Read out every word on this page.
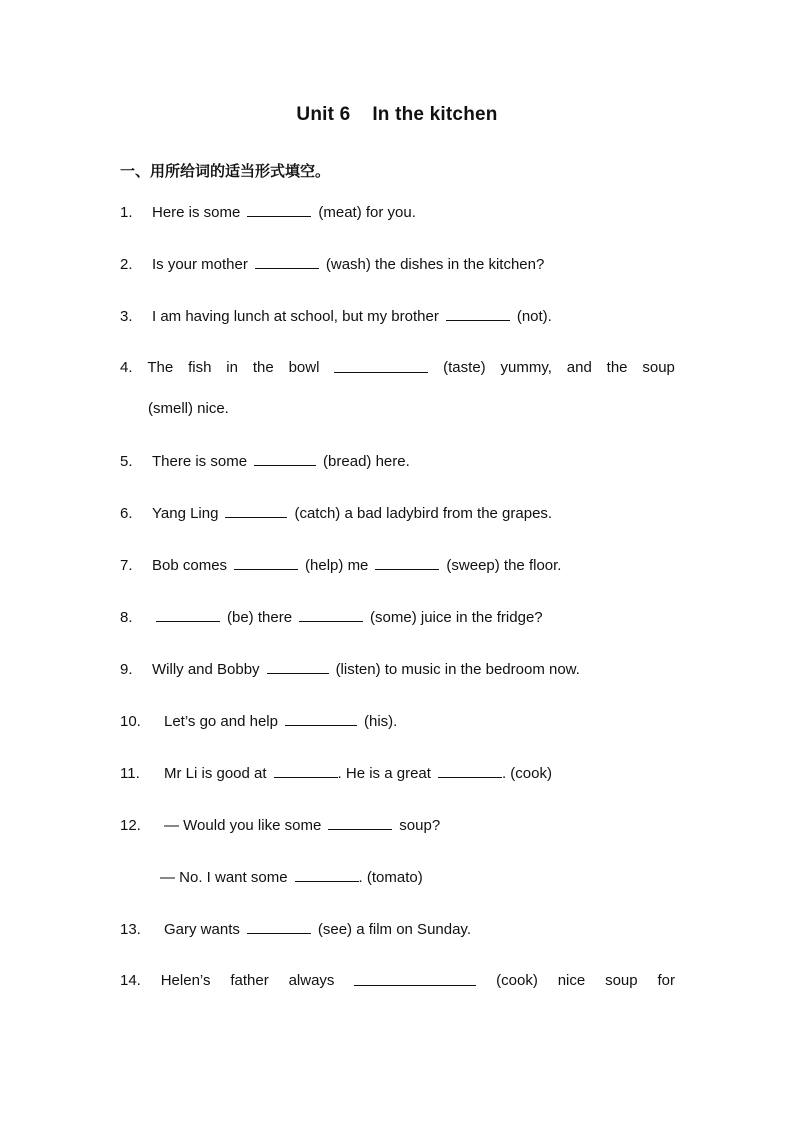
Unit 6    In the kitchen
一、用所给词的适当形式填空。
1. Here is some	(meat) for you.
2. Is your mother	(wash) the dishes in the kitchen?
3. I am having lunch at school, but my brother	(not).
4. The fish in the bowl	(taste) yummy, and the soup
(smell) nice.
5. There is some	(bread) here.
6. Yang Ling	(catch) a bad ladybird from the grapes.
7. Bob comes	(help) me	(sweep) the floor.
8.	(be) there	(some) juice in the fridge?
9. Willy and Bobby	(listen) to music in the bedroom now.
10. Let’s go and help	(his).
11. Mr Li is good at	. He is a great	. (cook)
12. — Would you like some	soup?
— No. I want some	. (tomato)
13. Gary wants	(see) a film on Sunday.
14. Helen’s father always	(cook) nice soup for
